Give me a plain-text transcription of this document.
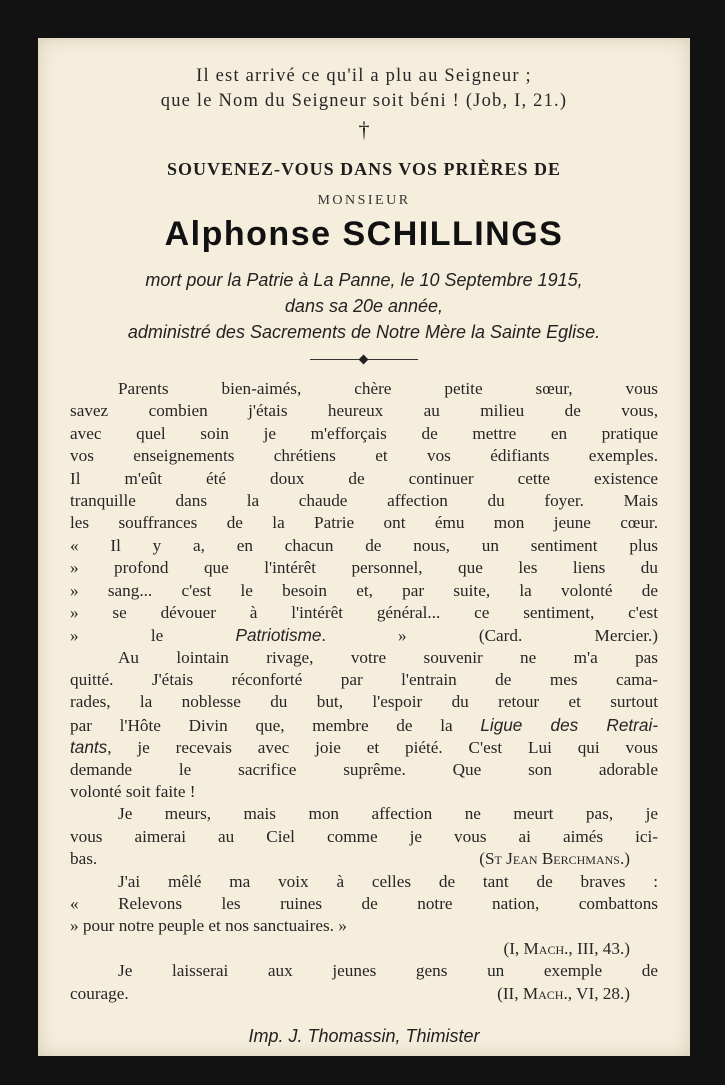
Il est arrivé ce qu'il a plu au Seigneur ;
que le Nom du Seigneur soit béni ! (Job, I, 21.)
†
SOUVENEZ-VOUS DANS VOS PRIÈRES DE
MONSIEUR
Alphonse SCHILLINGS
mort pour la Patrie à La Panne, le 10 Septembre 1915,
dans sa 20e année,
administré des Sacrements de Notre Mère la Sainte Eglise.
Parents bien-aimés, chère petite sœur, vous
savez combien j'étais heureux au milieu de vous,
avec quel soin je m'efforçais de mettre en pratique
vos enseignements chrétiens et vos édifiants exemples.
Il m'eût été doux de continuer cette existence
tranquille dans la chaude affection du foyer. Mais
les souffrances de la Patrie ont ému mon jeune cœur.
« Il y a, en chacun de nous, un sentiment plus
» profond que l'intérêt personnel, que les liens du
» sang... c'est le besoin et, par suite, la volonté de
» se dévouer à l'intérêt général... ce sentiment, c'est
» le Patriotisme. » (Card. Mercier.)
Au lointain rivage, votre souvenir ne m'a pas
quitté. J'étais réconforté par l'entrain de mes cama-
rades, la noblesse du but, l'espoir du retour et surtout
par l'Hôte Divin que, membre de la Ligue des Retrai-
tants, je recevais avec joie et piété. C'est Lui qui vous
demande le sacrifice suprême. Que son adorable
volonté soit faite !
Je meurs, mais mon affection ne meurt pas, je
vous aimerai au Ciel comme je vous ai aimés ici-
bas.	(St Jean Berchmans.)
J'ai mêlé ma voix à celles de tant de braves :
« Relevons les ruines de notre nation, combattons
» pour notre peuple et nos sanctuaires. »
(I, Mach., III, 43.)
Je laisserai aux jeunes gens un exemple de
courage.	(II, Mach., VI, 28.)
Imp. J. Thomassin, Thimister
